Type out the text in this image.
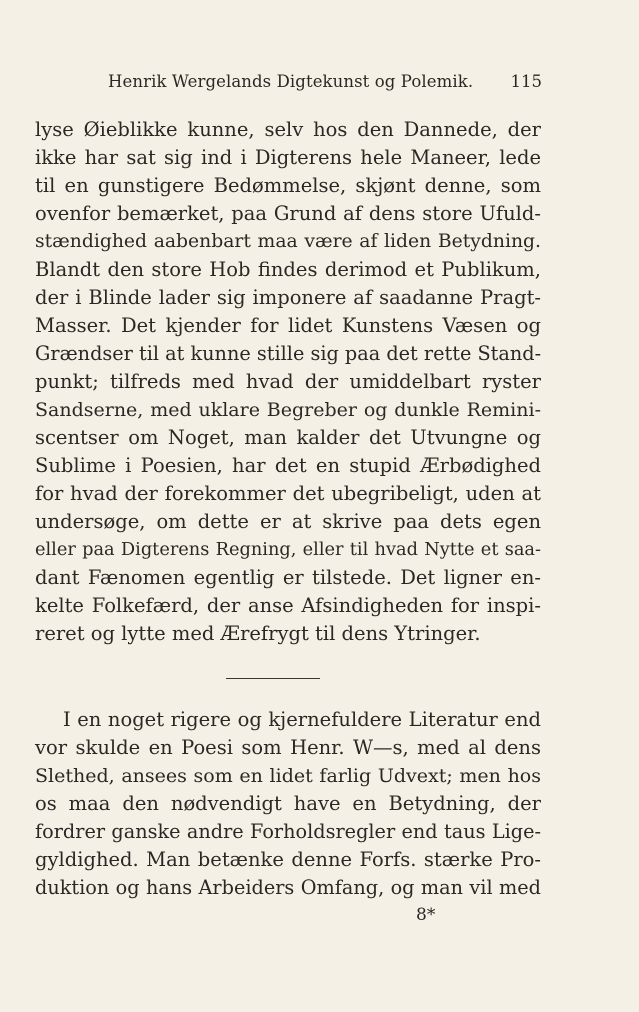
Henrik Wergelands Digtekunst og Polemik. 115
lyse Øieblikke kunne, selv hos den Dannede, der
ikke har sat sig ind i Digterens hele Maneer, lede
til en gunstigere Bedømmelse, skjønt denne, som
ovenfor bemærket, paa Grund af dens store Ufuld-
stændighed aabenbart maa være af liden Betydning.
Blandt den store Hob findes derimod et Publikum,
der i Blinde lader sig imponere af saadanne Pragt-
Masser. Det kjender for lidet Kunstens Væsen og
Grændser til at kunne stille sig paa det rette Stand-
punkt; tilfreds med hvad der umiddelbart ryster
Sandserne, med uklare Begreber og dunkle Remini-
scentser om Noget, man kalder det Utvungne og
Sublime i Poesien, har det en stupid Ærbødighed
for hvad der forekommer det ubegribeligt, uden at
undersøge, om dette er at skrive paa dets egen
eller paa Digterens Regning, eller til hvad Nytte et saa-
dant Fænomen egentlig er tilstede. Det ligner en-
kelte Folkefærd, der anse Afsindigheden for inspi-
reret og lytte med Ærefrygt til dens Ytringer.
I en noget rigere og kjernefuldere Literatur end
vor skulde en Poesi som Henr. W—s, med al dens
Slethed, ansees som en lidet farlig Udvext; men hos
os maa den nødvendigt have en Betydning, der
fordrer ganske andre Forholdsregler end taus Lige-
gyldighed. Man betænke denne Forfs. stærke Pro-
duktion og hans Arbeiders Omfang, og man vil med
8*
